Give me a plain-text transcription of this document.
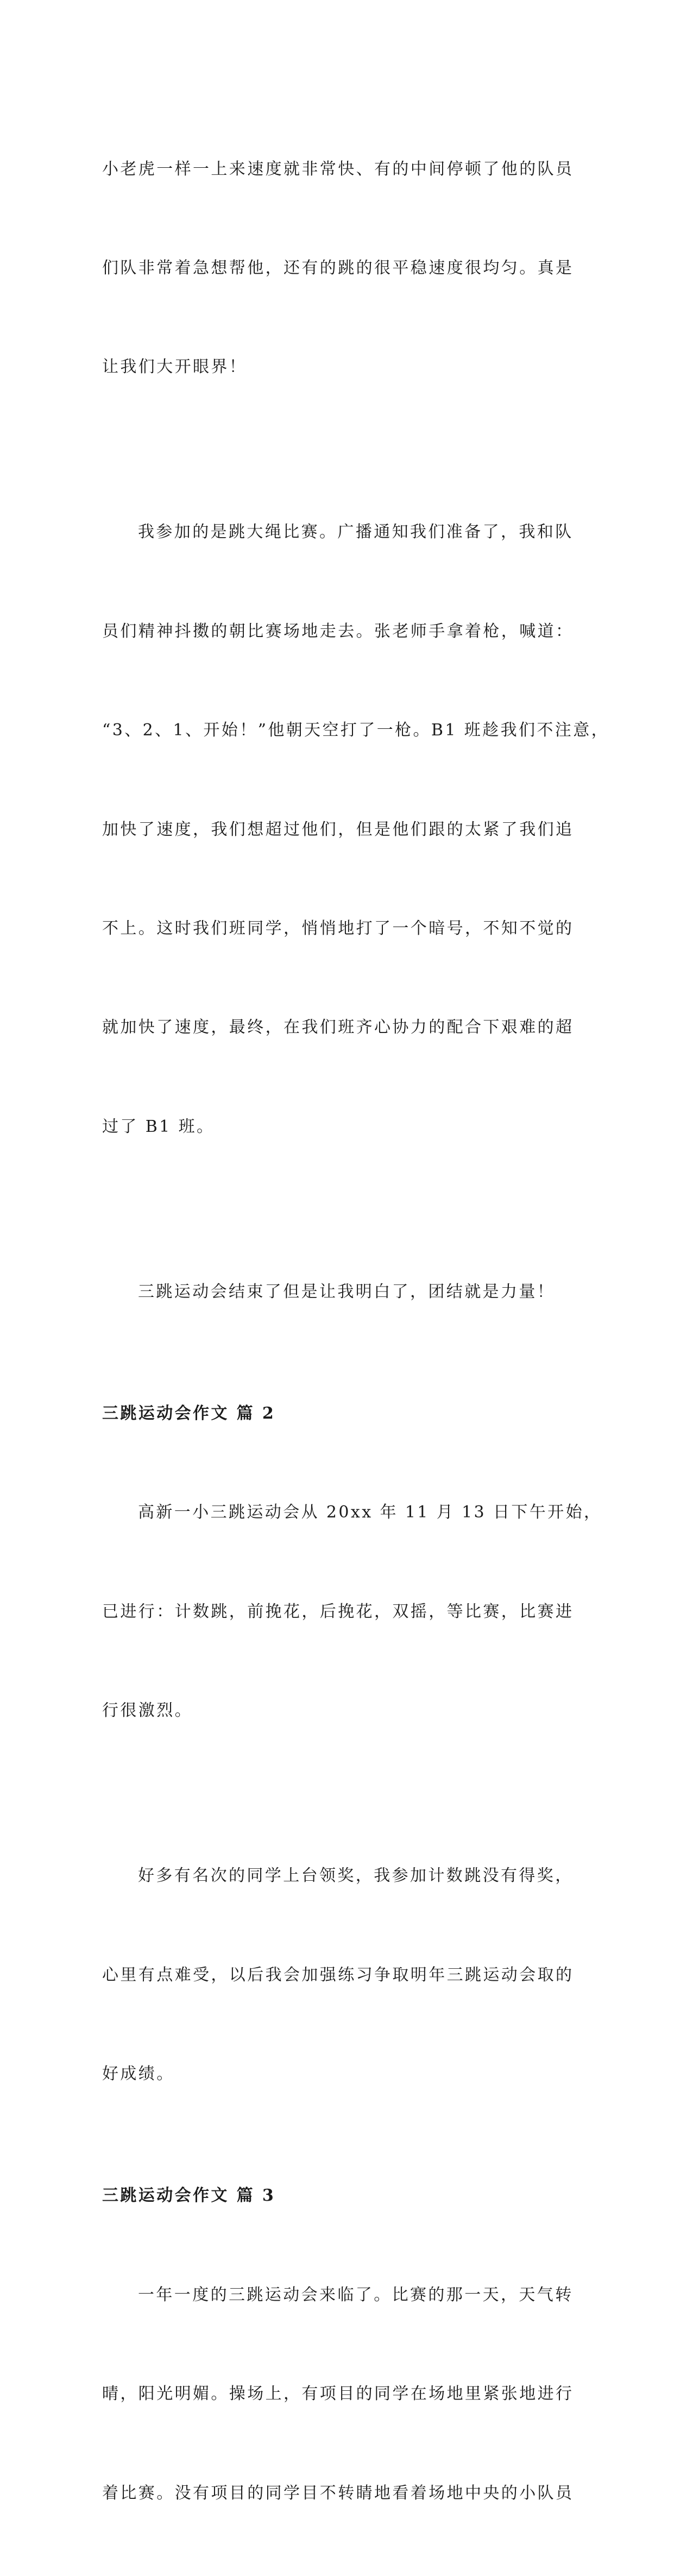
小老虎一样一上来速度就非常快、有的中间停顿了他的队员

们队非常着急想帮他，还有的跳的很平稳速度很均匀。真是

让我们大开眼界！

我参加的是跳大绳比赛。广播通知我们准备了，我和队

员们精神抖擞的朝比赛场地走去。张老师手拿着枪，喊道：

“3、2、1、开始！”他朝天空打了一枪。B1 班趁我们不注意，

加快了速度，我们想超过他们，但是他们跟的太紧了我们追

不上。这时我们班同学，悄悄地打了一个暗号，不知不觉的

就加快了速度，最终，在我们班齐心协力的配合下艰难的超

过了 B1 班。

三跳运动会结束了但是让我明白了，团结就是力量！

三跳运动会作文 篇 2

高新一小三跳运动会从 20xx 年 11 月 13 日下午开始，

已进行：计数跳，前挽花，后挽花，双摇，等比赛，比赛进

行很激烈。

好多有名次的同学上台领奖，我参加计数跳没有得奖，

心里有点难受，以后我会加强练习争取明年三跳运动会取的

好成绩。

三跳运动会作文 篇 3

一年一度的三跳运动会来临了。比赛的那一天，天气转

晴，阳光明媚。操场上，有项目的同学在场地里紧张地进行

着比赛。没有项目的同学目不转睛地看着场地中央的小队员
